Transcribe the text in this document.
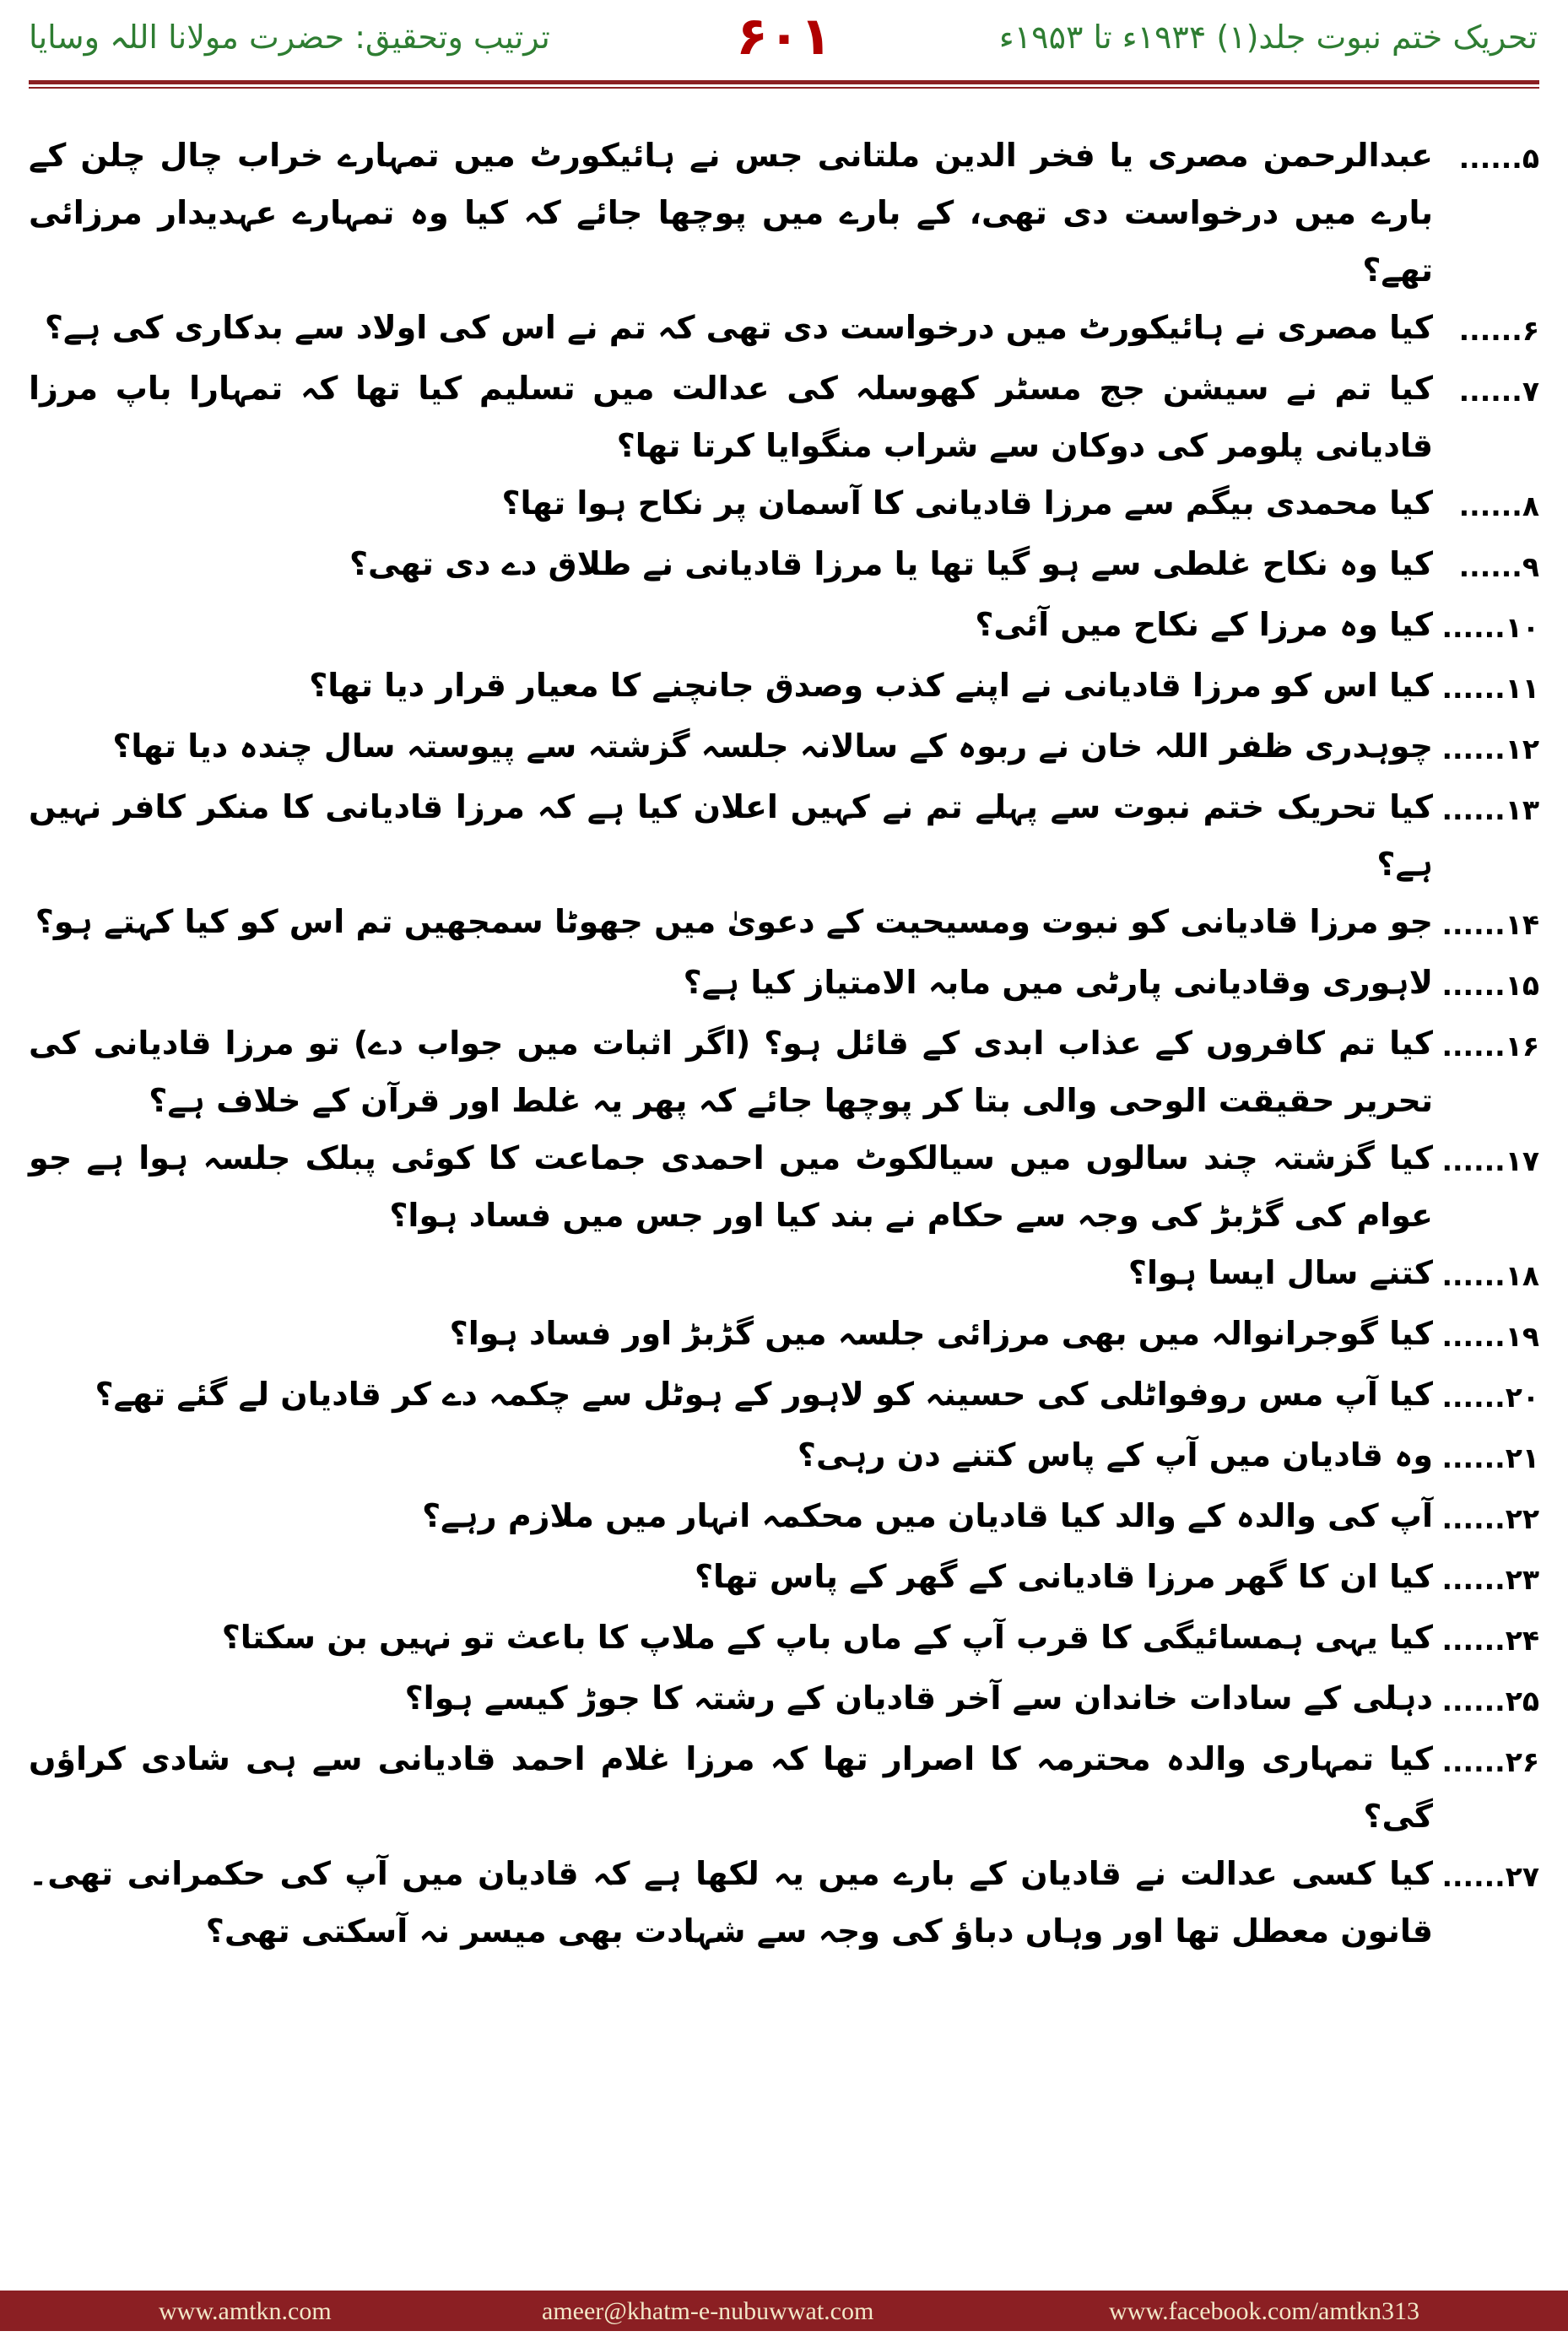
تحریک ختم نبوت جلد(۱) ۱۹۳۴ء تا ۱۹۵۳ء
۶۰۱
ترتیب وتحقیق: حضرت مولانا اللہ وسایا
۵......
عبدالرحمن مصری یا فخر الدین ملتانی جس نے ہائیکورٹ میں تمہارے خراب چال چلن کے بارے میں درخواست دی تھی، کے بارے میں پوچھا جائے کہ کیا وہ تمہارے عہدیدار مرزائی تھے؟
۶......
کیا مصری نے ہائیکورٹ میں درخواست دی تھی کہ تم نے اس کی اولاد سے بدکاری کی ہے؟
۷......
کیا تم نے سیشن جج مسٹر کھوسلہ کی عدالت میں تسلیم کیا تھا کہ تمہارا باپ مرزا قادیانی پلومر کی دوکان سے شراب منگوایا کرتا تھا؟
۸......
کیا محمدی بیگم سے مرزا قادیانی کا آسمان پر نکاح ہوا تھا؟
۹......
کیا وہ نکاح غلطی سے ہو گیا تھا یا مرزا قادیانی نے طلاق دے دی تھی؟
۱۰......
کیا وہ مرزا کے نکاح میں آئی؟
۱۱......
کیا اس کو مرزا قادیانی نے اپنے کذب وصدق جانچنے کا معیار قرار دیا تھا؟
۱۲......
چوہدری ظفر اللہ خان نے ربوہ کے سالانہ جلسہ گزشتہ سے پیوستہ سال چندہ دیا تھا؟
۱۳......
کیا تحریک ختم نبوت سے پہلے تم نے کہیں اعلان کیا ہے کہ مرزا قادیانی کا منکر کافر نہیں ہے؟
۱۴......
جو مرزا قادیانی کو نبوت ومسیحیت کے دعویٰ میں جھوٹا سمجھیں تم اس کو کیا کہتے ہو؟
۱۵......
لاہوری وقادیانی پارٹی میں مابہ الامتیاز کیا ہے؟
۱۶......
کیا تم کافروں کے عذاب ابدی کے قائل ہو؟ (اگر اثبات میں جواب دے) تو مرزا قادیانی کی تحریر حقیقت الوحی والی بتا کر پوچھا جائے کہ پھر یہ غلط اور قرآن کے خلاف ہے؟
۱۷......
کیا گزشتہ چند سالوں میں سیالکوٹ میں احمدی جماعت کا کوئی پبلک جلسہ ہوا ہے جو عوام کی گڑبڑ کی وجہ سے حکام نے بند کیا اور جس میں فساد ہوا؟
۱۸......
کتنے سال ایسا ہوا؟
۱۹......
کیا گوجرانوالہ میں بھی مرزائی جلسہ میں گڑبڑ اور فساد ہوا؟
۲۰......
کیا آپ مس روفواٹلی کی حسینہ کو لاہور کے ہوٹل سے چکمہ دے کر قادیان لے گئے تھے؟
۲۱......
وہ قادیان میں آپ کے پاس کتنے دن رہی؟
۲۲......
آپ کی والدہ کے والد کیا قادیان میں محکمہ انہار میں ملازم رہے؟
۲۳......
کیا ان کا گھر مرزا قادیانی کے گھر کے پاس تھا؟
۲۴......
کیا یہی ہمسائیگی کا قرب آپ کے ماں باپ کے ملاپ کا باعث تو نہیں بن سکتا؟
۲۵......
دہلی کے سادات خاندان سے آخر قادیان کے رشتہ کا جوڑ کیسے ہوا؟
۲۶......
کیا تمہاری والدہ محترمہ کا اصرار تھا کہ مرزا غلام احمد قادیانی سے ہی شادی کراؤں گی؟
۲۷......
کیا کسی عدالت نے قادیان کے بارے میں یہ لکھا ہے کہ قادیان میں آپ کی حکمرانی تھی۔ قانون معطل تھا اور وہاں دباؤ کی وجہ سے شہادت بھی میسر نہ آسکتی تھی؟
www.amtkn.com	ameer@khatm-e-nubuwwat.com	www.facebook.com/amtkn313
